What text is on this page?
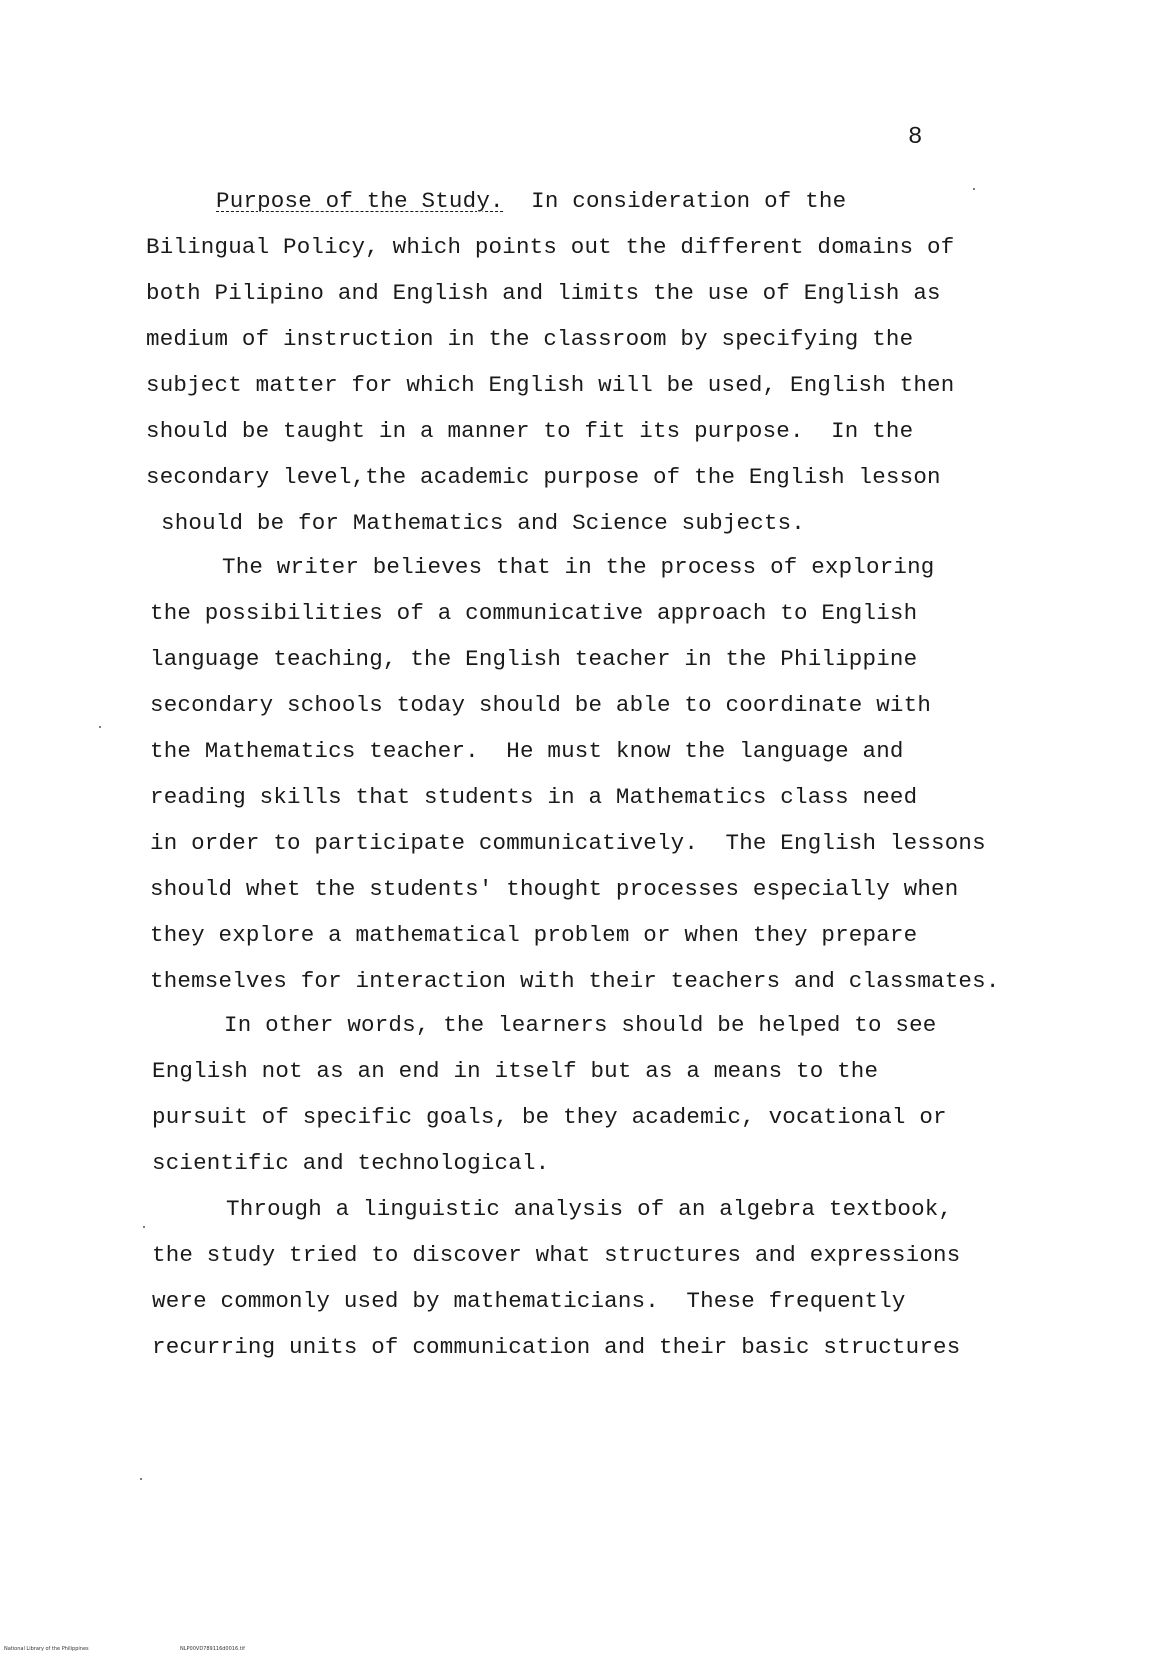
8
Purpose of the Study.  In consideration of the
Bilingual Policy, which points out the different domains of
both Pilipino and English and limits the use of English as
medium of instruction in the classroom by specifying the
subject matter for which English will be used, English then
should be taught in a manner to fit its purpose.  In the
secondary level,the academic purpose of the English lesson
should be for Mathematics and Science subjects.
The writer believes that in the process of exploring
the possibilities of a communicative approach to English
language teaching, the English teacher in the Philippine
secondary schools today should be able to coordinate with
the Mathematics teacher.  He must know the language and
reading skills that students in a Mathematics class need
in order to participate communicatively.  The English lessons
should whet the students' thought processes especially when
they explore a mathematical problem or when they prepare
themselves for interaction with their teachers and classmates.
In other words, the learners should be helped to see
English not as an end in itself but as a means to the
pursuit of specific goals, be they academic, vocational or
scientific and technological.
Through a linguistic analysis of an algebra textbook,
the study tried to discover what structures and expressions
were commonly used by mathematicians.  These frequently
recurring units of communication and their basic structures
National Library of the Philippines	NLP00VD789116d0016.tif
